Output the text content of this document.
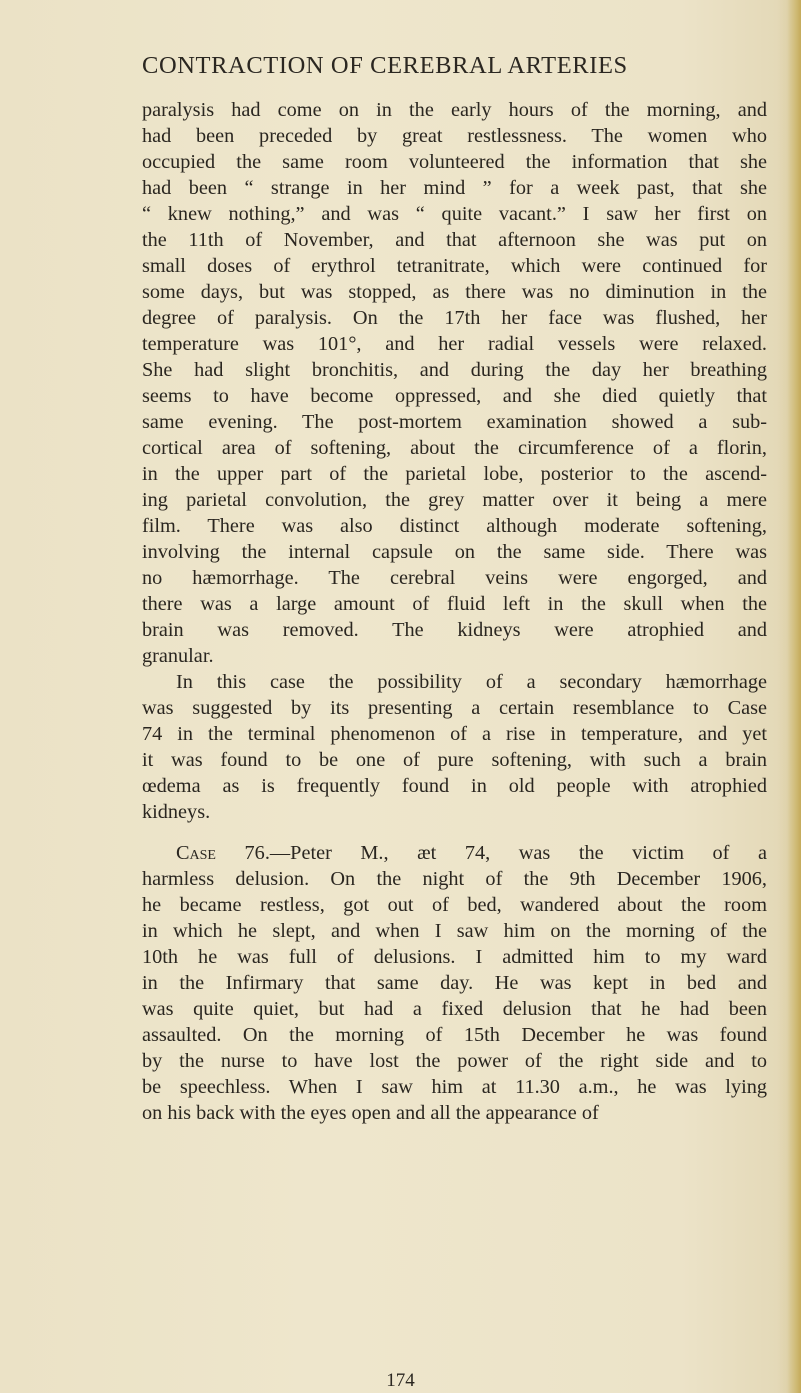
CONTRACTION OF CEREBRAL ARTERIES
paralysis had come on in the early hours of the morning, and
had been preceded by great restlessness. The women who
occupied the same room volunteered the information that she
had been “ strange in her mind ” for a week past, that she
“ knew nothing,” and was “ quite vacant.” I saw her first on
the 11th of November, and that afternoon she was put on
small doses of erythrol tetranitrate, which were continued for
some days, but was stopped, as there was no diminution in the
degree of paralysis. On the 17th her face was flushed, her
temperature was 101°, and her radial vessels were relaxed.
She had slight bronchitis, and during the day her breathing
seems to have become oppressed, and she died quietly that
same evening. The post-mortem examination showed a sub-
cortical area of softening, about the circumference of a florin,
in the upper part of the parietal lobe, posterior to the ascend-
ing parietal convolution, the grey matter over it being a mere
film. There was also distinct although moderate softening,
involving the internal capsule on the same side. There was
no hæmorrhage. The cerebral veins were engorged, and
there was a large amount of fluid left in the skull when the
brain was removed. The kidneys were atrophied and
granular.
In this case the possibility of a secondary hæmorrhage
was suggested by its presenting a certain resemblance to Case
74 in the terminal phenomenon of a rise in temperature, and yet
it was found to be one of pure softening, with such a brain
œdema as is frequently found in old people with atrophied
kidneys.
Case 76.—Peter M., æt 74, was the victim of a
harmless delusion. On the night of the 9th December 1906,
he became restless, got out of bed, wandered about the room
in which he slept, and when I saw him on the morning of the
10th he was full of delusions. I admitted him to my ward
in the Infirmary that same day. He was kept in bed and
was quite quiet, but had a fixed delusion that he had been
assaulted. On the morning of 15th December he was found
by the nurse to have lost the power of the right side and to
be speechless. When I saw him at 11.30 a.m., he was lying
on his back with the eyes open and all the appearance of
174
